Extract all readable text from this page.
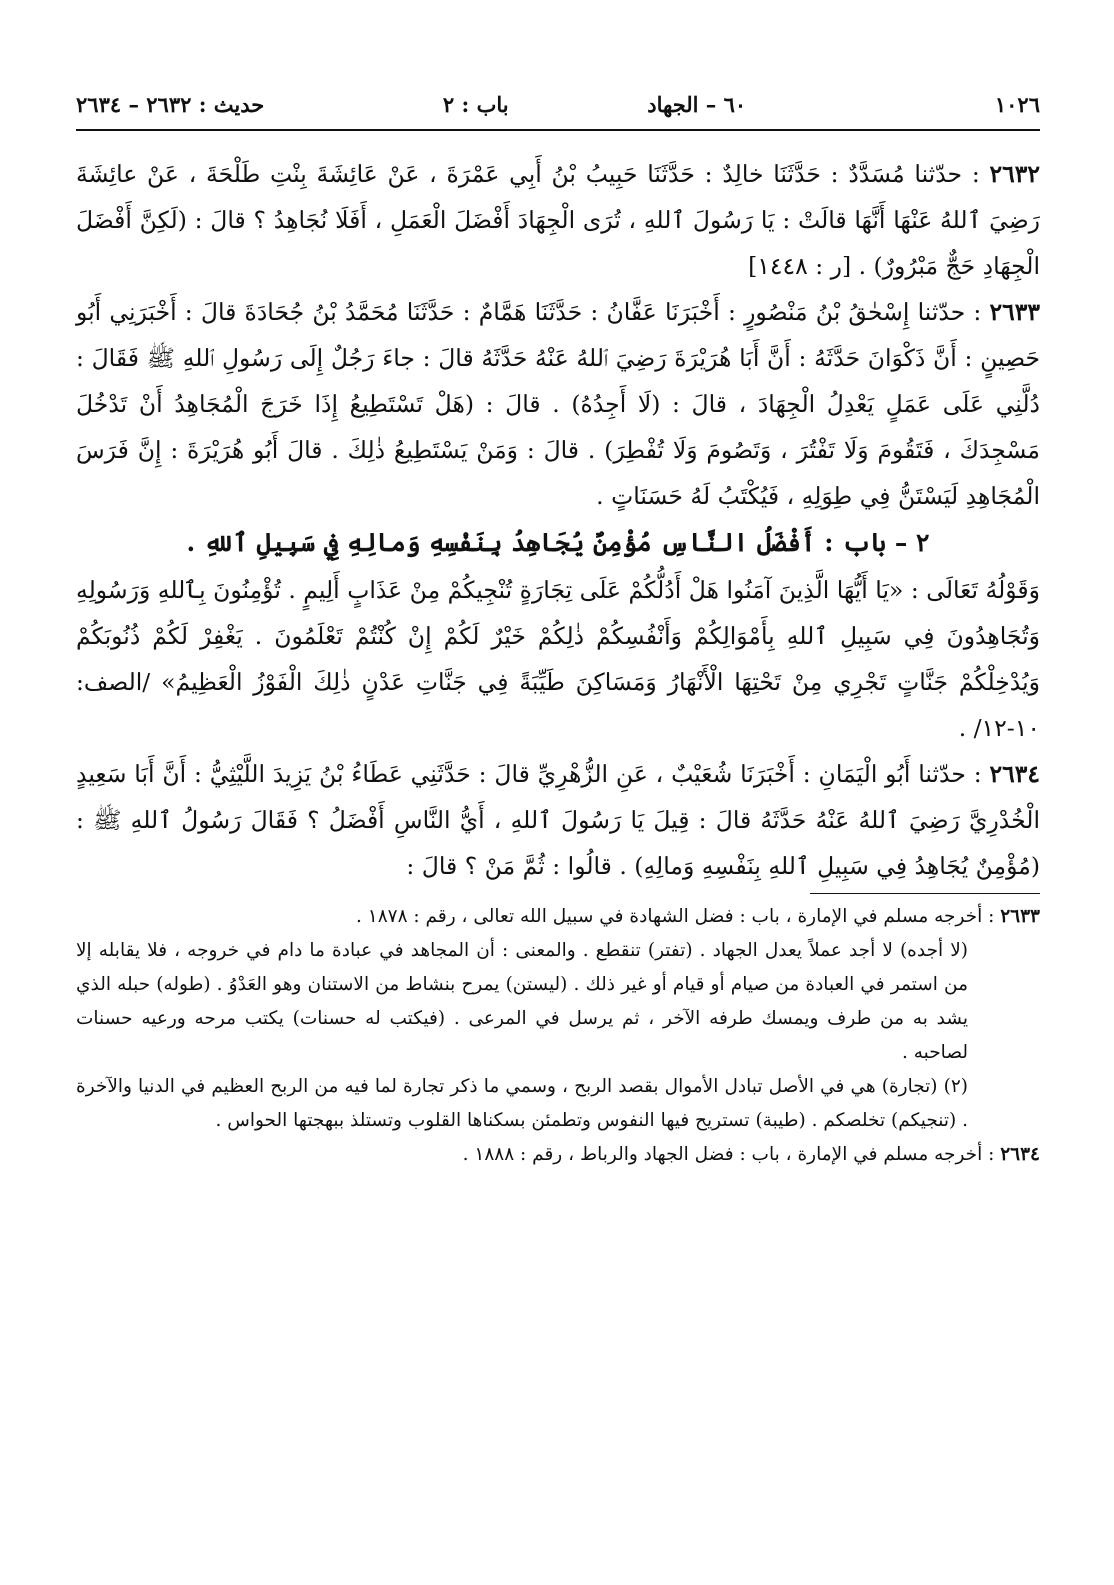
١٠٢٦
٦٠ – الجهاد
باب : ٢
حديث : ٢٦٣٢ – ٢٦٣٤

٢٦٣٢ : حدّثنا مُسَدَّدٌ : حَدَّثَنَا خالِدٌ : حَدَّثَنَا حَبِيبُ بْنُ أَبِي عَمْرَةَ ، عَنْ عَائِشَةَ بِنْتِ طَلْحَةَ ، عَنْ عائِشَةَ رَضِيَ ٱللهُ عَنْهَا أَنَّهَا قالَتْ : يَا رَسُولَ ٱللهِ ، تُرَى الْجِهَادَ أَفْضَلَ الْعَمَلِ ، أَفَلَا نُجَاهِدُ ؟ قالَ : (لَكِنَّ أَفْضَلَ الْجِهَادِ حَجٌّ مَبْرُورٌ) . [ر : ١٤٤٨]

٢٦٣٣ : حدّثنا إِسْحٰقُ بْنُ مَنْصُورٍ : أَخْبَرَنَا عَفَّانُ : حَدَّثَنَا هَمَّامٌ : حَدَّثَنَا مُحَمَّدُ بْنُ جُحَادَةَ قالَ : أَخْبَرَنِي أَبُو حَصِينٍ : أَنَّ ذَكْوَانَ حَدَّثَهُ : أَنَّ أَبَا هُرَيْرَةَ رَضِيَ ٱللهُ عَنْهُ حَدَّثَهُ قالَ : جاءَ رَجُلٌ إِلَى رَسُولِ ٱللهِ ﷺ فَقَالَ : دُلَّنِي عَلَى عَمَلٍ يَعْدِلُ الْجِهَادَ ، قالَ : (لَا أَجِدُهُ) . قالَ : (هَلْ تَسْتَطِيعُ إِذَا خَرَجَ الْمُجَاهِدُ أَنْ تَدْخُلَ مَسْجِدَكَ ، فَتَقُومَ وَلَا تَفْتُرَ ، وَتَصُومَ وَلَا تُفْطِرَ) . قالَ : وَمَنْ يَسْتَطِيعُ ذٰلِكَ . قالَ أَبُو هُرَيْرَةَ : إِنَّ فَرَسَ الْمُجَاهِدِ لَيَسْتَنُّ فِي طِوَلِهِ ، فَيُكْتَبُ لَهُ حَسَنَاتٍ .

٢ – باب : أَفْضَلُ النَّاسِ مُؤْمِنٌ يُجَاهِدُ بِنَفْسِهِ وَمالِهِ فِي سَبِيلِ ٱللهِ .

وَقَوْلُهُ تَعَالَى : «يَا أَيُّهَا الَّذِينَ آمَنُوا هَلْ أَدُلُّكُمْ عَلَى تِجَارَةٍ تُنْجِيكُمْ مِنْ عَذَابٍ أَلِيمٍ . تُؤْمِنُونَ بِٱللهِ وَرَسُولِهِ وَتُجَاهِدُونَ فِي سَبِيلِ ٱللهِ بِأَمْوَالِكُمْ وَأَنْفُسِكُمْ ذٰلِكُمْ خَيْرٌ لَكُمْ إِنْ كُنْتُمْ تَعْلَمُونَ . يَغْفِرْ لَكُمْ ذُنُوبَكُمْ وَيُدْخِلْكُمْ جَنَّاتٍ تَجْرِي مِنْ تَحْتِهَا الْأَنْهَارُ وَمَسَاكِنَ طَيِّبَةً فِي جَنَّاتِ عَدْنٍ ذٰلِكَ الْفَوْزُ الْعَظِيمُ» /الصف: ١٠-١٢/ .

٢٦٣٤ : حدّثنا أَبُو الْيَمَانِ : أَخْبَرَنَا شُعَيْبٌ ، عَنِ الزُّهْرِيِّ قالَ : حَدَّثَنِي عَطَاءُ بْنُ يَزِيدَ اللَّيْثِيُّ : أَنَّ أَبَا سَعِيدٍ الْخُدْرِيَّ رَضِيَ ٱللهُ عَنْهُ حَدَّثَهُ قالَ : قِيلَ يَا رَسُولَ ٱللهِ ، أَيُّ النَّاسِ أَفْضَلُ ؟ فَقَالَ رَسُولُ ٱللهِ ﷺ : (مُؤْمِنٌ يُجَاهِدُ فِي سَبِيلِ ٱللهِ بِنَفْسِهِ وَمالِهِ) . قالُوا : ثُمَّ مَنْ ؟ قالَ :

٢٦٣٣ : أخرجه مسلم في الإمارة ، باب : فضل الشهادة في سبيل الله تعالى ، رقم : ١٨٧٨ .

(لا أجده) لا أجد عملاً يعدل الجهاد . (تفتر) تنقطع . والمعنى : أن المجاهد في عبادة ما دام في خروجه ، فلا يقابله إلا من استمر في العبادة من صيام أو قيام أو غير ذلك . (ليستن) يمرح بنشاط من الاستنان وهو العَدْوُ . (طوله) حبله الذي يشد به من طرف ويمسك طرفه الآخر ، ثم يرسل في المرعى . (فيكتب له حسنات) يكتب مرحه ورعيه حسنات لصاحبه .

(٢) (تجارة) هي في الأصل تبادل الأموال بقصد الربح ، وسمي ما ذكر تجارة لما فيه من الربح العظيم في الدنيا والآخرة . (تنجيكم) تخلصكم . (طيبة) تستريح فيها النفوس وتطمئن بسكناها القلوب وتستلذ ببهجتها الحواس .

٢٦٣٤ : أخرجه مسلم في الإمارة ، باب : فضل الجهاد والرباط ، رقم : ١٨٨٨ .
